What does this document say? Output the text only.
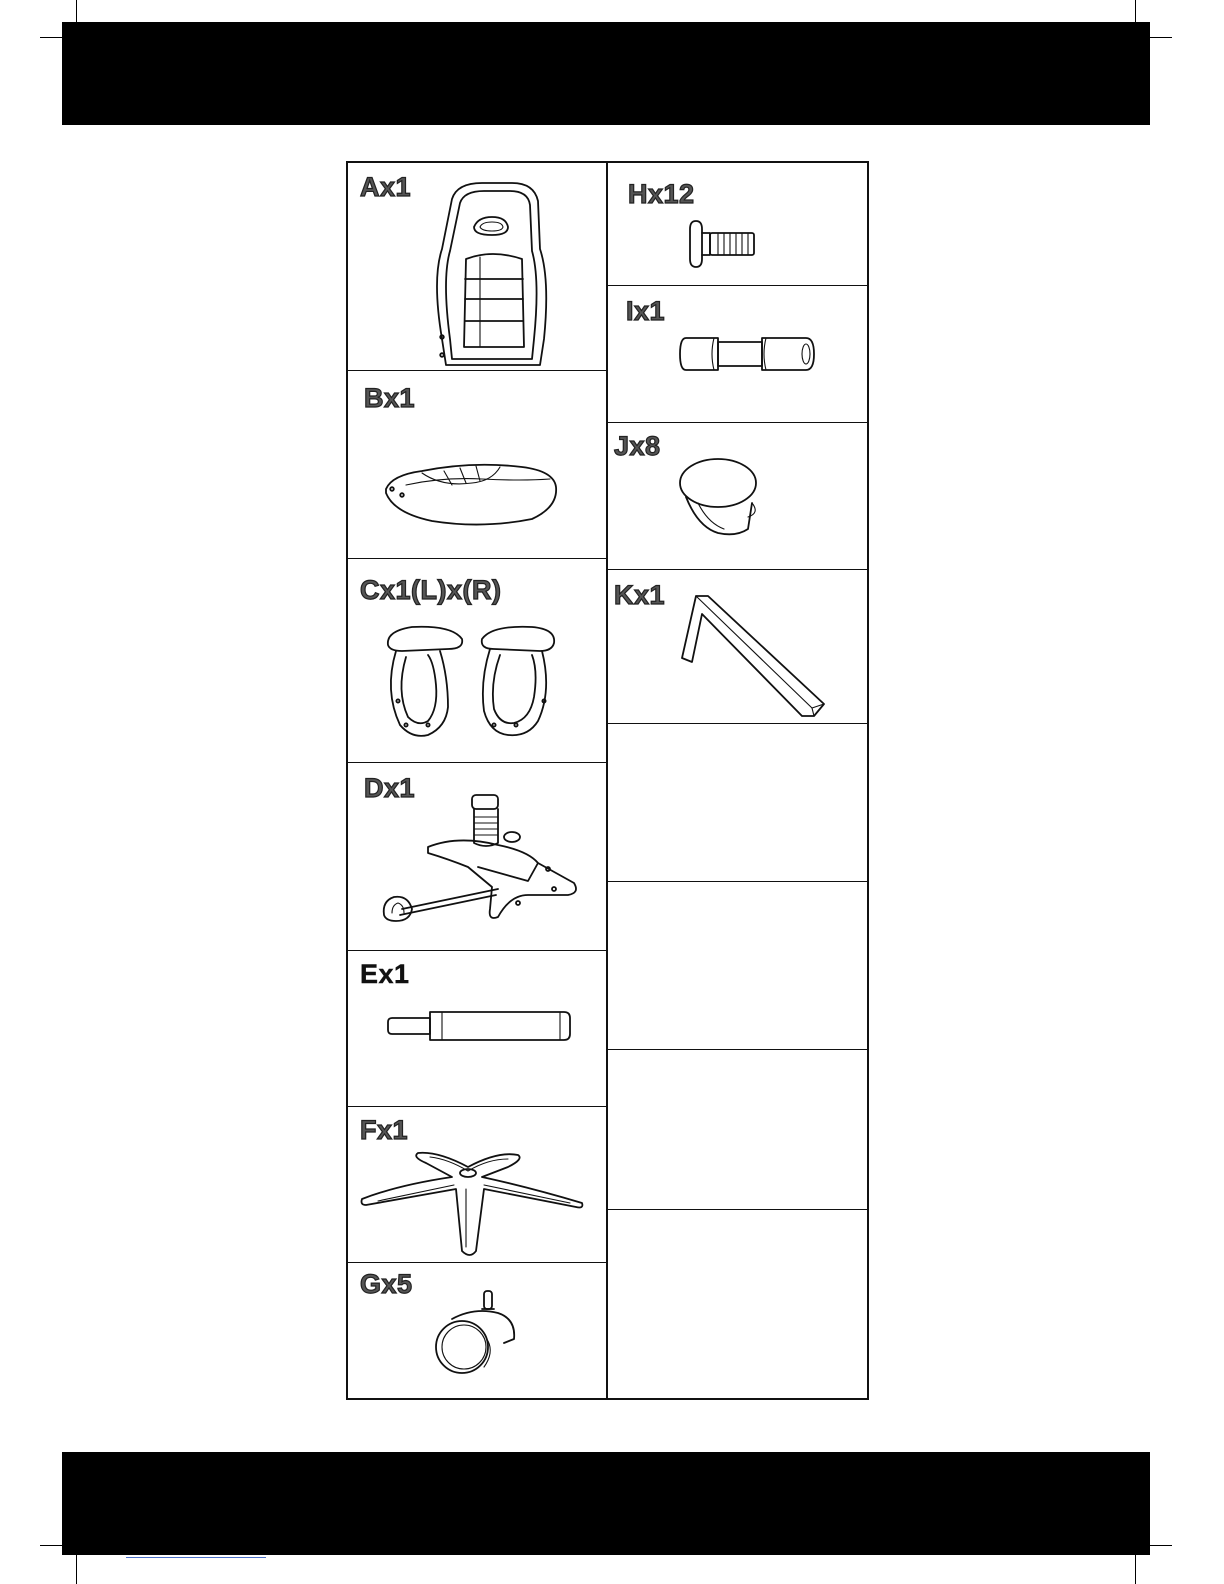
Ax1
Bx1
Cx1(L)x(R)
Dx1
Ex1
Fx1
Gx5
Hx12
Ix1
Jx8
Kx1
